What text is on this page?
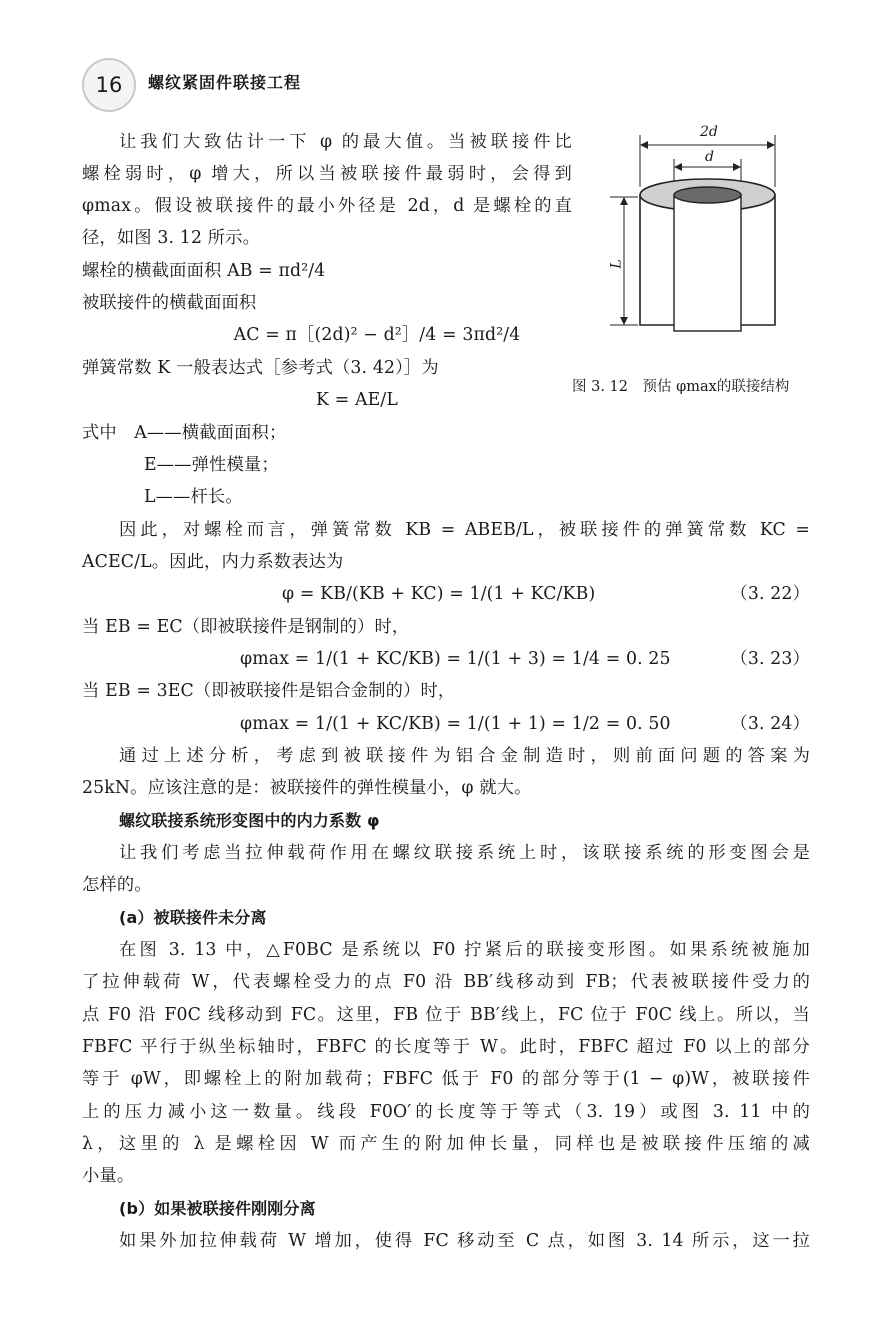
16	螺纹紧固件联接工程
2d
d
L
图 3. 12　预估 φmax的联接结构
让我们大致估计一下 φ 的最大值。当被联接件比
螺栓弱时，φ 增大，所以当被联接件最弱时，会得到
φmax。假设被联接件的最小外径是 2d，d 是螺栓的直
径，如图 3. 12 所示。
螺栓的横截面面积 AB = πd²/4
被联接件的横截面面积
AC = π［(2d)² − d²］/4 = 3πd²/4
弹簧常数 K 一般表达式［参考式（3. 42）］为
K = AE/L
式中　A——横截面面积；
E——弹性模量；
L——杆长。
因此，对螺栓而言，弹簧常数 KB = ABEB/L，被联接件的弹簧常数 KC =
ACEC/L。因此，内力系数表达为
φ = KB/(KB + KC) = 1/(1 + KC/KB)	（3. 22）
当 EB = EC（即被联接件是钢制的）时，
φmax = 1/(1 + KC/KB) = 1/(1 + 3) = 1/4 = 0. 25	（3. 23）
当 EB = 3EC（即被联接件是铝合金制的）时，
φmax = 1/(1 + KC/KB) = 1/(1 + 1) = 1/2 = 0. 50	（3. 24）
通过上述分析，考虑到被联接件为铝合金制造时，则前面问题的答案为
25kN。应该注意的是：被联接件的弹性模量小，φ 就大。
螺纹联接系统形变图中的内力系数 φ
让我们考虑当拉伸载荷作用在螺纹联接系统上时，该联接系统的形变图会是
怎样的。
(a）被联接件未分离
在图 3. 13 中，△F0BC 是系统以 F0 拧紧后的联接变形图。如果系统被施加
了拉伸载荷 W，代表螺栓受力的点 F0 沿 BB′线移动到 FB；代表被联接件受力的
点 F0 沿 F0C 线移动到 FC。这里，FB 位于 BB′线上，FC 位于 F0C 线上。所以，当
FBFC 平行于纵坐标轴时，FBFC 的长度等于 W。此时，FBFC 超过 F0 以上的部分
等于 φW，即螺栓上的附加载荷；FBFC 低于 F0 的部分等于(1 − φ)W，被联接件
上的压力减小这一数量。线段 F0O′的长度等于等式（3. 19）或图 3. 11 中的
λ，这里的 λ 是螺栓因 W 而产生的附加伸长量，同样也是被联接件压缩的减
小量。
(b）如果被联接件刚刚分离
如果外加拉伸载荷 W 增加，使得 FC 移动至 C 点，如图 3. 14 所示，这一拉
